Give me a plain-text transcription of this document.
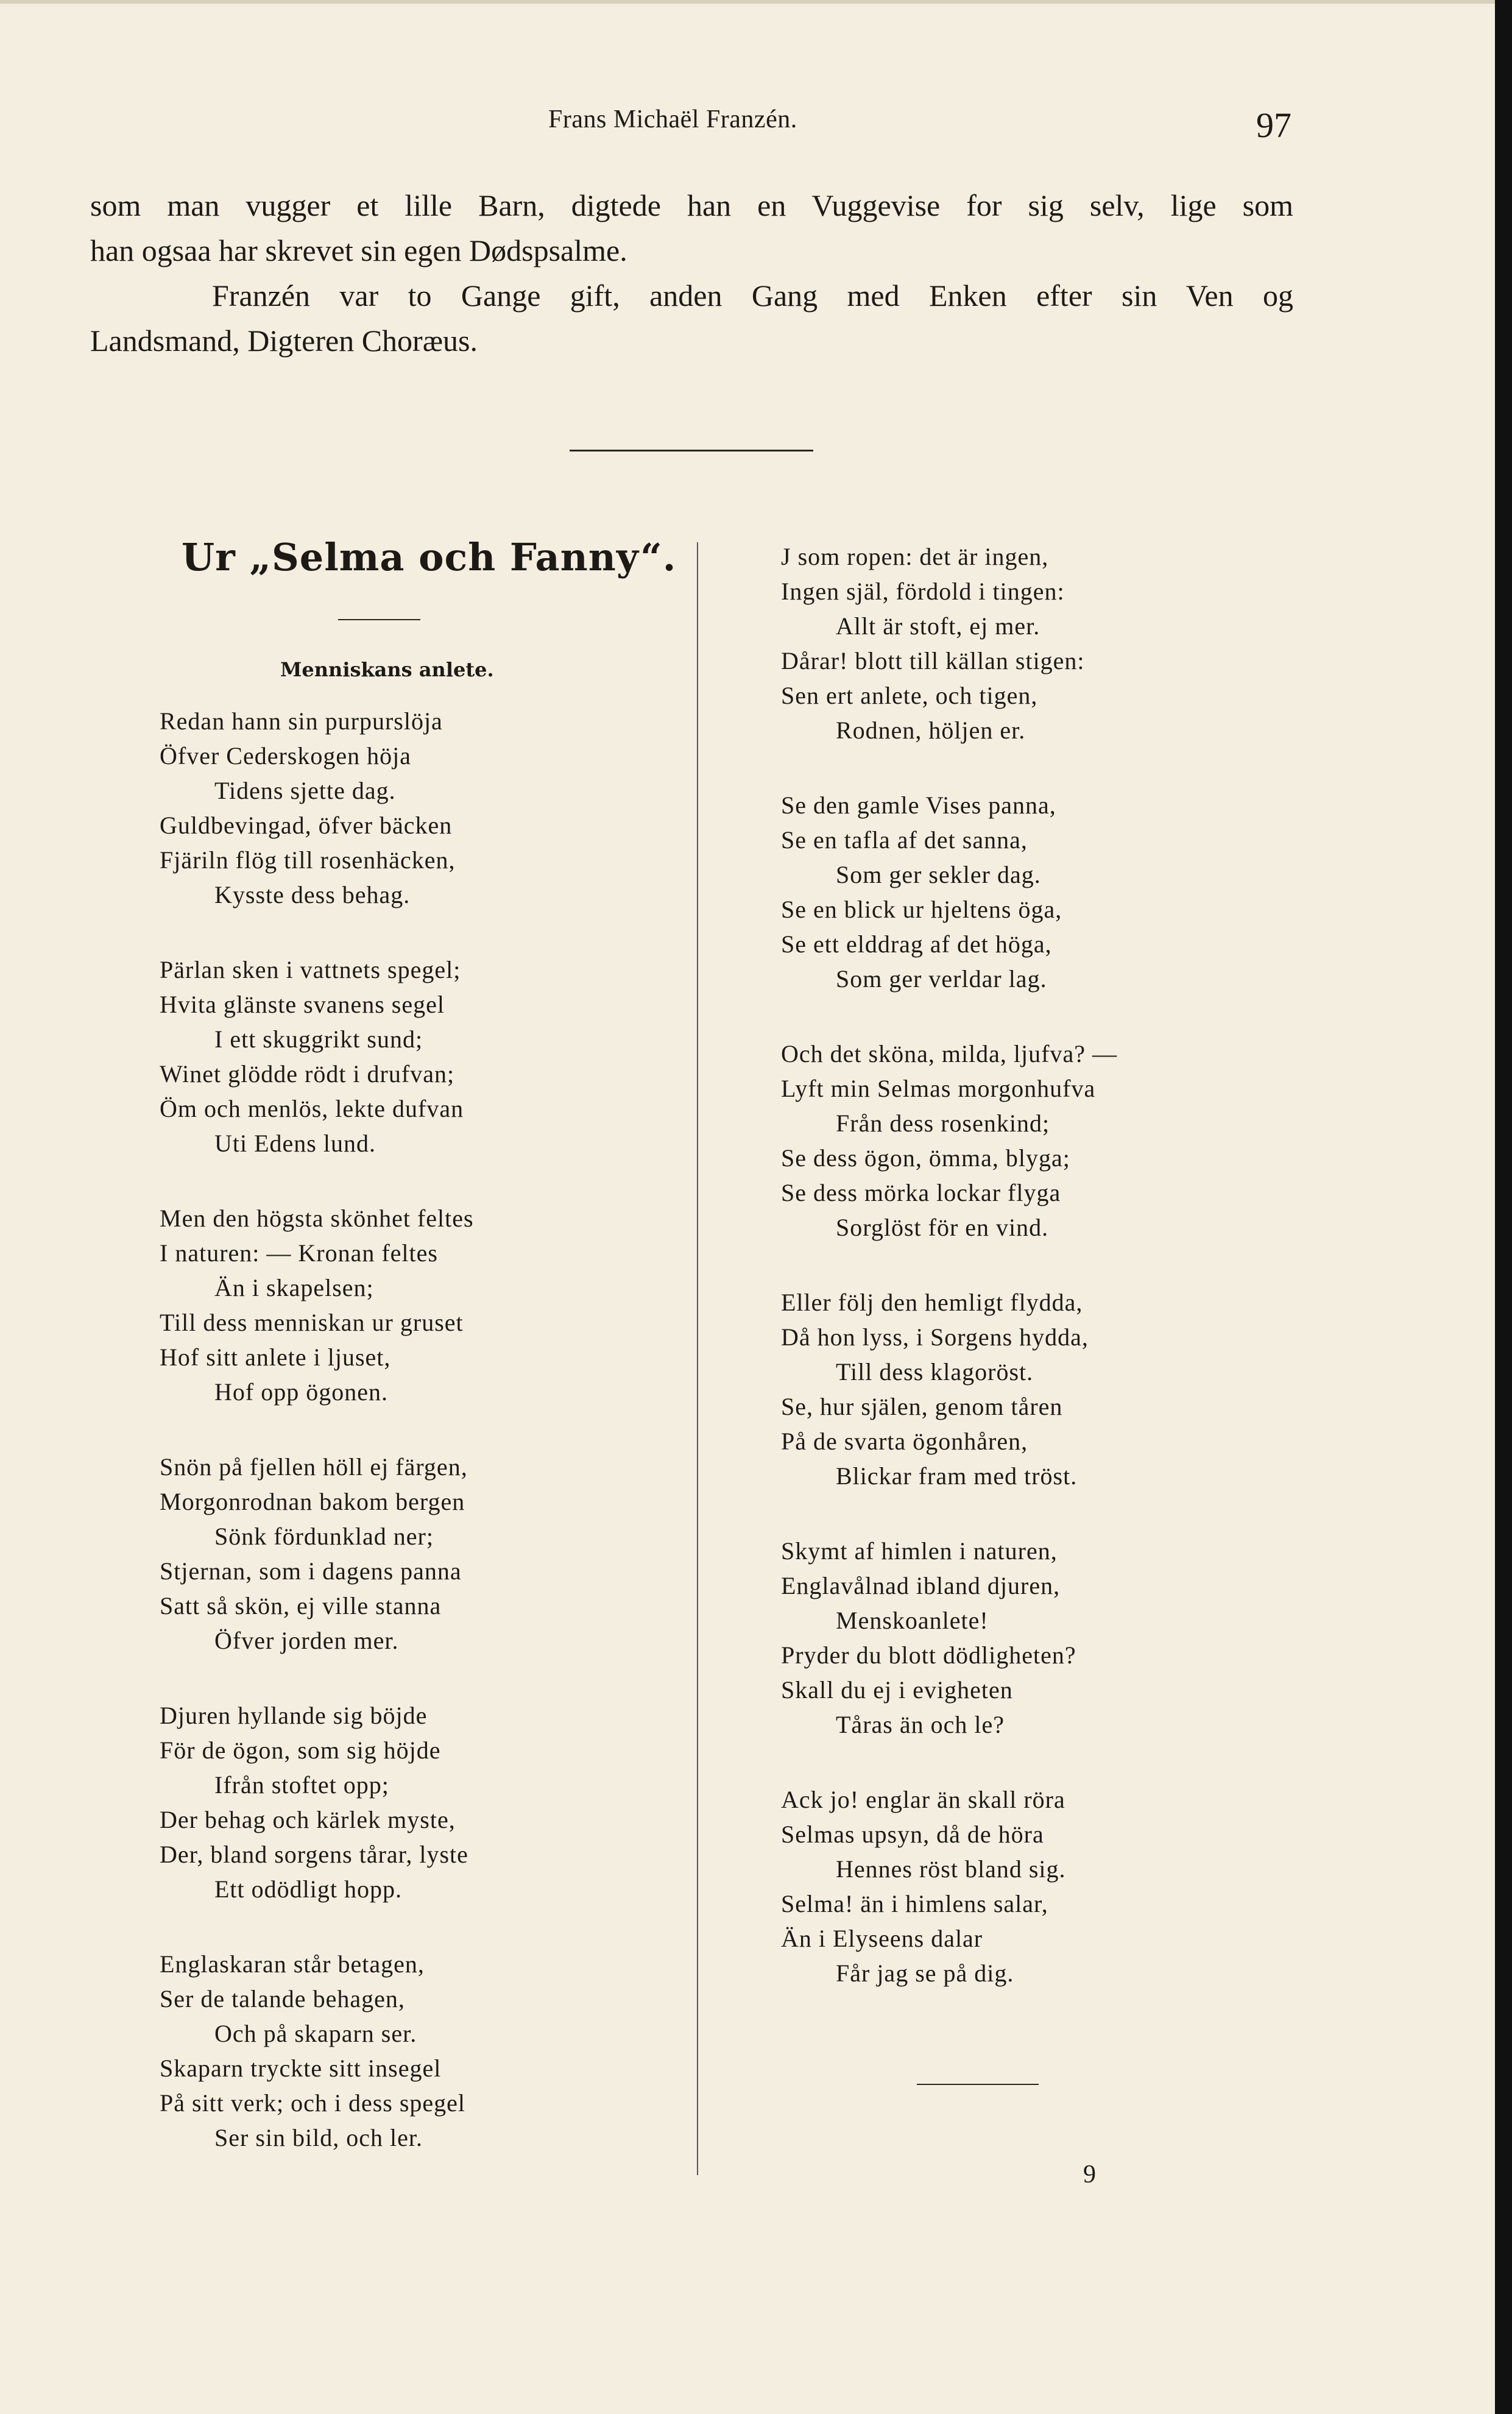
Frans Michaël Franzén.	97
som man vugger et lille Barn, digtede han en Vuggevise for sig selv, lige som
han ogsaa har skrevet sin egen Dødspsalme.
Franzén var to Gange gift, anden Gang med Enken efter sin Ven og
Landsmand, Digteren Choræus.
Ur „Selma och Fanny“.
Menniskans anlete.
Redan hann sin purpurslöja
Öfver Cederskogen höja
Tidens sjette dag.
Guldbevingad, öfver bäcken
Fjäriln flög till rosenhäcken,
Kysste dess behag.
Pärlan sken i vattnets spegel;
Hvita glänste svanens segel
I ett skuggrikt sund;
Winet glödde rödt i drufvan;
Öm och menlös, lekte dufvan
Uti Edens lund.
Men den högsta skönhet feltes
I naturen: — Kronan feltes
Än i skapelsen;
Till dess menniskan ur gruset
Hof sitt anlete i ljuset,
Hof opp ögonen.
Snön på fjellen höll ej färgen,
Morgonrodnan bakom bergen
Sönk fördunklad ner;
Stjernan, som i dagens panna
Satt så skön, ej ville stanna
Öfver jorden mer.
Djuren hyllande sig böjde
För de ögon, som sig höjde
Ifrån stoftet opp;
Der behag och kärlek myste,
Der, bland sorgens tårar, lyste
Ett odödligt hopp.
Englaskaran står betagen,
Ser de talande behagen,
Och på skaparn ser.
Skaparn tryckte sitt insegel
På sitt verk; och i dess spegel
Ser sin bild, och ler.
J som ropen: det är ingen,
Ingen själ, fördold i tingen:
Allt är stoft, ej mer.
Dårar! blott till källan stigen:
Sen ert anlete, och tigen,
Rodnen, höljen er.
Se den gamle Vises panna,
Se en tafla af det sanna,
Som ger sekler dag.
Se en blick ur hjeltens öga,
Se ett elddrag af det höga,
Som ger verldar lag.
Och det sköna, milda, ljufva? —
Lyft min Selmas morgonhufva
Från dess rosenkind;
Se dess ögon, ömma, blyga;
Se dess mörka lockar flyga
Sorglöst för en vind.
Eller följ den hemligt flydda,
Då hon lyss, i Sorgens hydda,
Till dess klagoröst.
Se, hur själen, genom tåren
På de svarta ögonhåren,
Blickar fram med tröst.
Skymt af himlen i naturen,
Englavålnad ibland djuren,
Menskoanlete!
Pryder du blott dödligheten?
Skall du ej i evigheten
Tåras än och le?
Ack jo! englar än skall röra
Selmas upsyn, då de höra
Hennes röst bland sig.
Selma! än i himlens salar,
Än i Elyseens dalar
Får jag se på dig.
9
